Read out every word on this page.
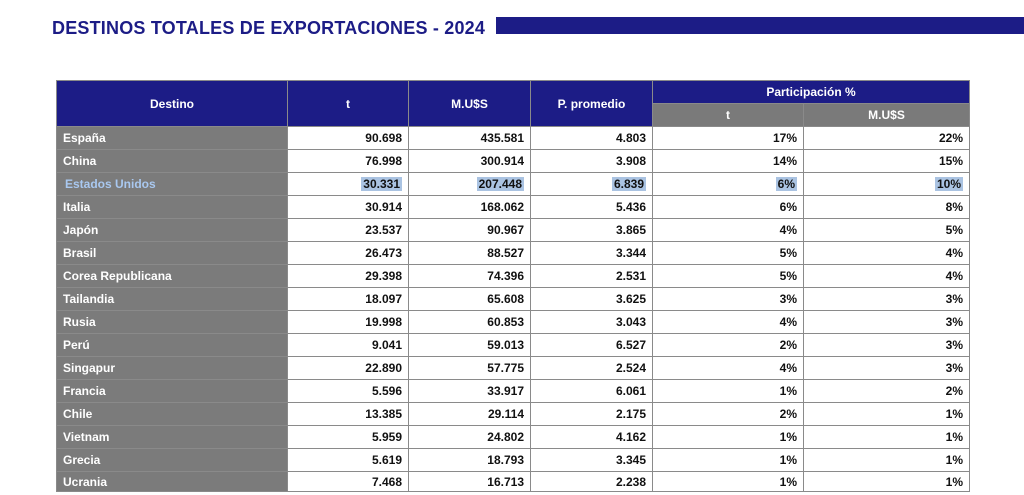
DESTINOS TOTALES DE EXPORTACIONES - 2024
Destino	t	M.U$S	P. promedio	Participación %	
				t	M.U$S
España	90.698	435.581	4.803	17%	22%
China	76.998	300.914	3.908	14%	15%
Estados Unidos	30.331	207.448	6.839	6%	10%
Italia	30.914	168.062	5.436	6%	8%
Japón	23.537	90.967	3.865	4%	5%
Brasil	26.473	88.527	3.344	5%	4%
Corea Republicana	29.398	74.396	2.531	5%	4%
Tailandia	18.097	65.608	3.625	3%	3%
Rusia	19.998	60.853	3.043	4%	3%
Perú	9.041	59.013	6.527	2%	3%
Singapur	22.890	57.775	2.524	4%	3%
Francia	5.596	33.917	6.061	1%	2%
Chile	13.385	29.114	2.175	2%	1%
Vietnam	5.959	24.802	4.162	1%	1%
Grecia	5.619	18.793	3.345	1%	1%
Ucrania	7.468	16.713	2.238	1%	1%
